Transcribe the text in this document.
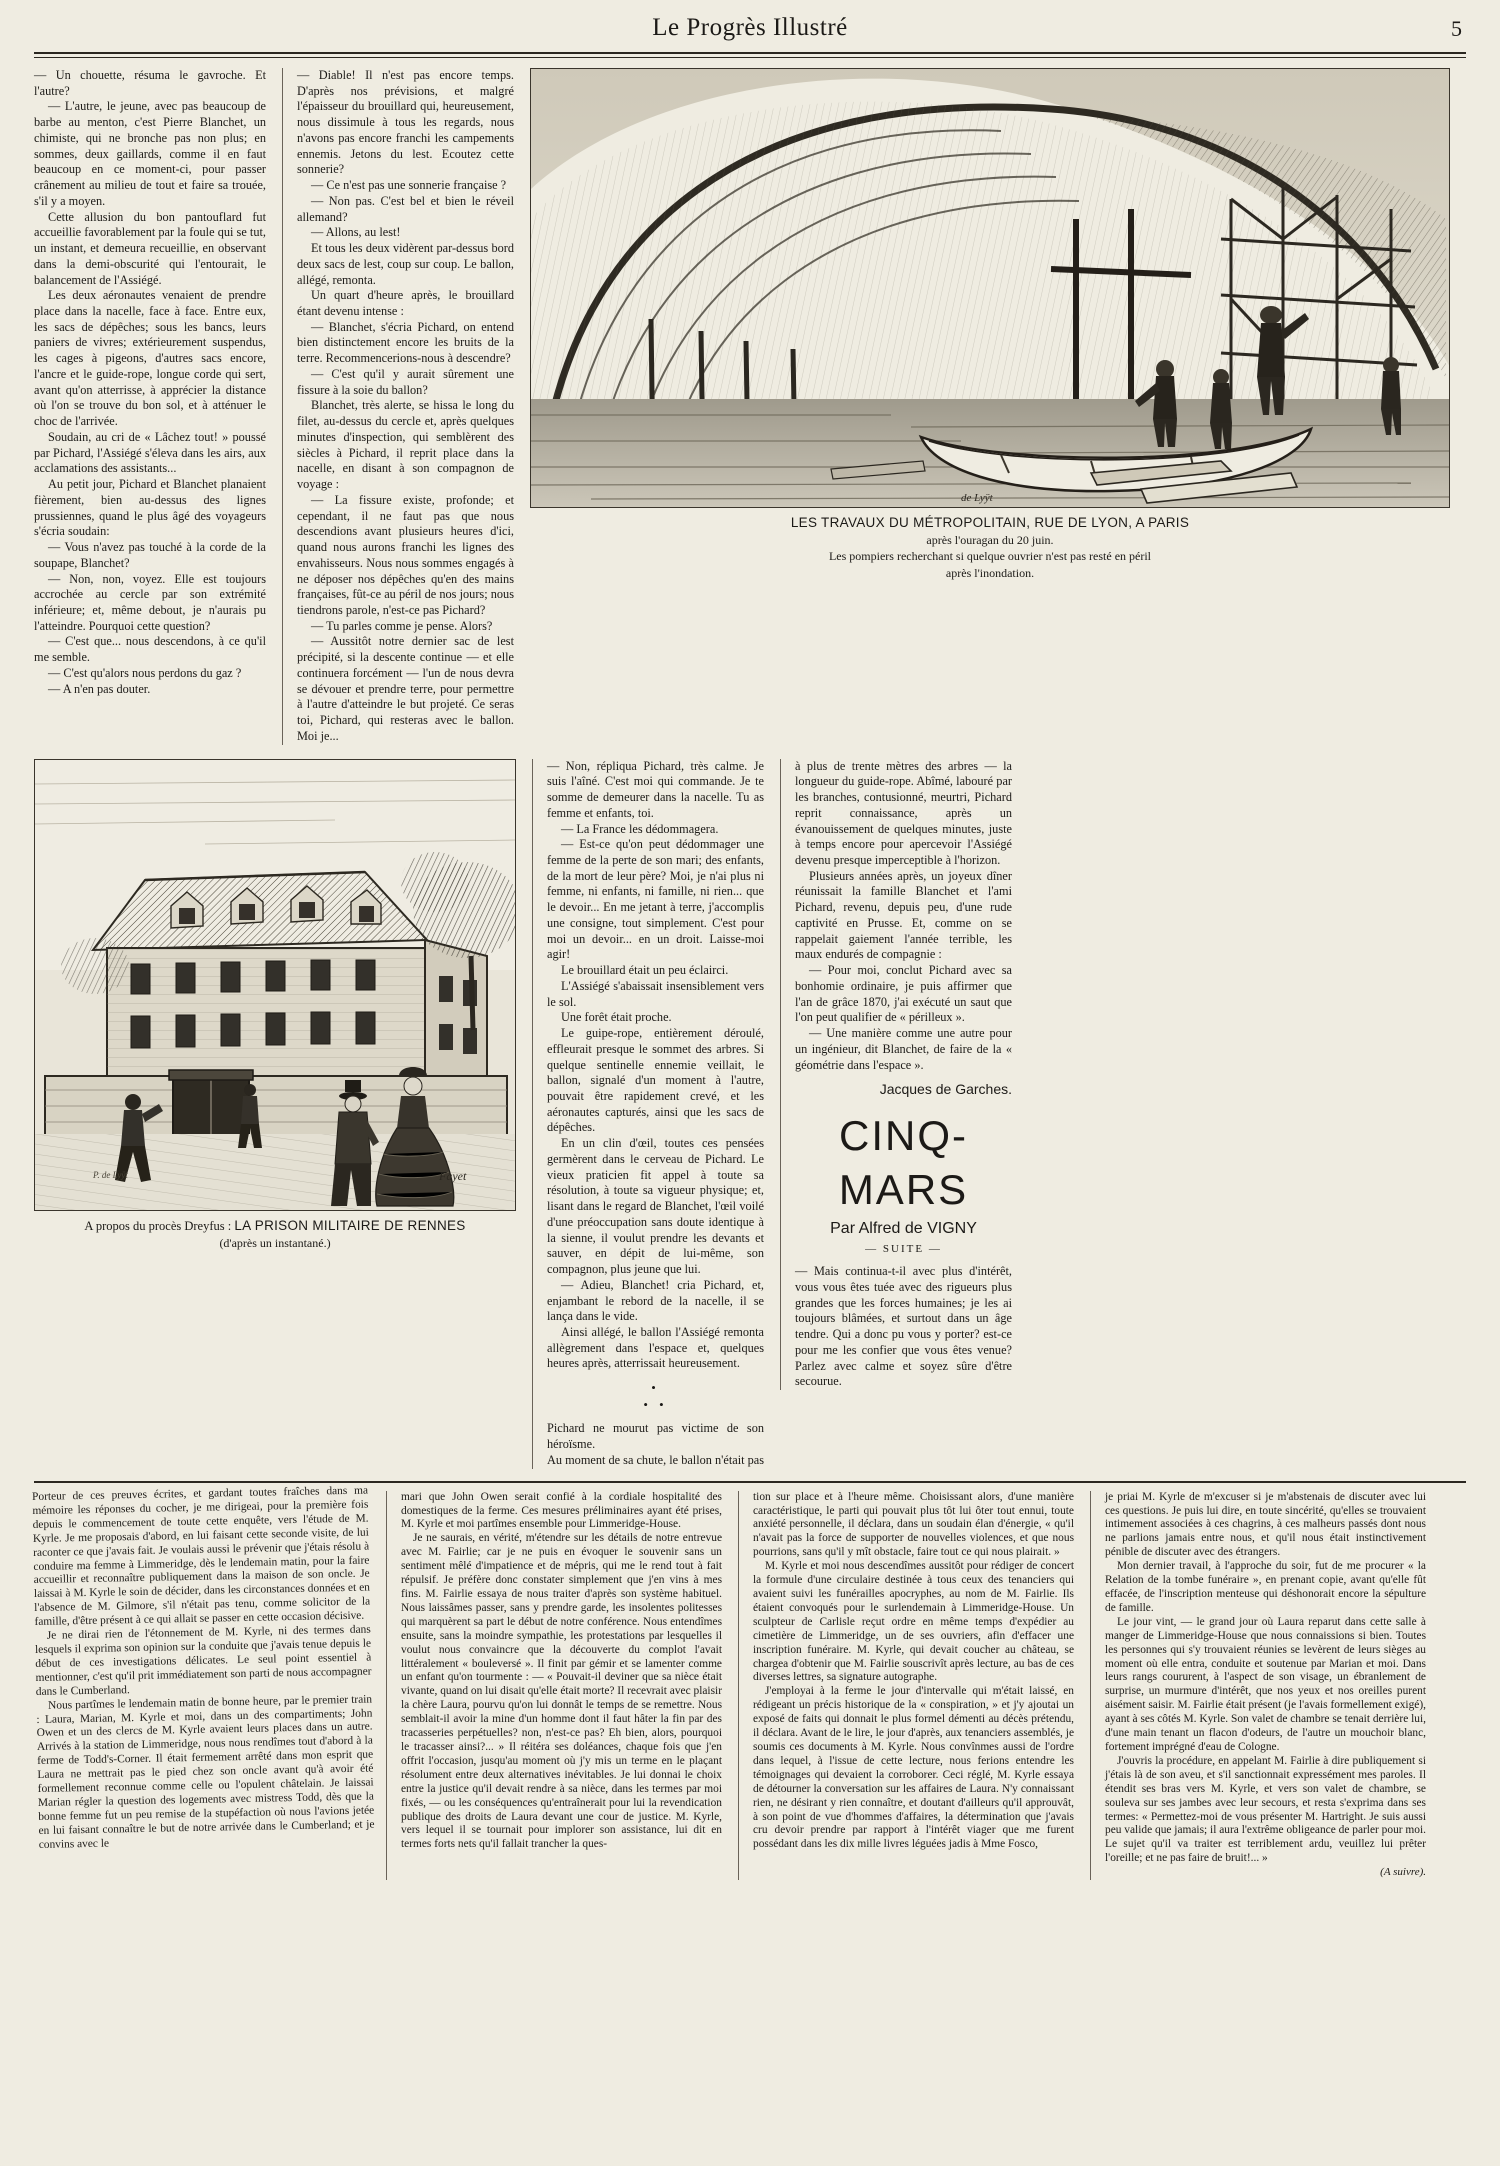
Le Progrès Illustré	5

— Un chouette, résuma le gavroche. Et l'autre?

— L'autre, le jeune, avec pas beaucoup de barbe au menton, c'est Pierre Blanchet, un chimiste, qui ne bronche pas non plus; en sommes, deux gaillards, comme il en faut beaucoup en ce moment-ci, pour passer crânement au milieu de tout et faire sa trouée, s'il y a moyen.

Cette allusion du bon pantouflard fut accueillie favorablement par la foule qui se tut, un instant, et demeura recueillie, en observant dans la demi-obscurité qui l'entourait, le balancement de l'Assiégé.

Les deux aéronautes venaient de prendre place dans la nacelle, face à face. Entre eux, les sacs de dépêches; sous les bancs, leurs paniers de vivres; extérieurement suspendus, les cages à pigeons, d'autres sacs encore, l'ancre et le guide-rope, longue corde qui sert, avant qu'on atterrisse, à apprécier la distance où l'on se trouve du bon sol, et à atténuer le choc de l'arrivée.

Soudain, au cri de « Lâchez tout! » poussé par Pichard, l'Assiégé s'éleva dans les airs, aux acclamations des assistants...

Au petit jour, Pichard et Blanchet planaient fièrement, bien au-dessus des lignes prussiennes, quand le plus âgé des voyageurs s'écria soudain:

— Vous n'avez pas touché à la corde de la soupape, Blanchet?

— Non, non, voyez. Elle est toujours accrochée au cercle par son extrémité inférieure; et, même debout, je n'aurais pu l'atteindre. Pourquoi cette question?

— C'est que... nous descendons, à ce qu'il me semble.

— C'est qu'alors nous perdons du gaz ?

— A n'en pas douter.

— Diable! Il n'est pas encore temps. D'après nos prévisions, et malgré l'épaisseur du brouillard qui, heureusement, nous dissimule à tous les regards, nous n'avons pas encore franchi les campements ennemis. Jetons du lest. Ecoutez cette sonnerie?

— Ce n'est pas une sonnerie française ?

— Non pas. C'est bel et bien le réveil allemand?

— Allons, au lest!

Et tous les deux vidèrent par-dessus bord deux sacs de lest, coup sur coup. Le ballon, allégé, remonta.

Un quart d'heure après, le brouillard étant devenu intense :

— Blanchet, s'écria Pichard, on entend bien distinctement encore les bruits de la terre. Recommencerions-nous à descendre?

— C'est qu'il y aurait sûrement une fissure à la soie du ballon?

Blanchet, très alerte, se hissa le long du filet, au-dessus du cercle et, après quelques minutes d'inspection, qui semblèrent des siècles à Pichard, il reprit place dans la nacelle, en disant à son compagnon de voyage :

— La fissure existe, profonde; et cependant, il ne faut pas que nous descendions avant plusieurs heures d'ici, quand nous aurons franchi les lignes des envahisseurs. Nous nous sommes engagés à ne déposer nos dépêches qu'en des mains françaises, fût-ce au péril de nos jours; nous tiendrons parole, n'est-ce pas Pichard?

— Tu parles comme je pense. Alors?

— Aussitôt notre dernier sac de lest précipité, si la descente continue — et elle continuera forcément — l'un de nous devra se dévouer et prendre terre, pour permettre à l'autre d'atteindre le but projeté. Ce seras toi, Pichard, qui resteras avec le ballon. Moi je...

de Lyÿt
LES TRAVAUX DU MÉTROPOLITAIN, RUE DE LYON, A PARIS
après l'ouragan du 20 juin.
Les pompiers recherchant si quelque ouvrier n'est pas resté en péril
après l'inondation.
P. de Lyÿt	Fayet
A propos du procès Dreyfus : LA PRISON MILITAIRE DE RENNES
(d'après un instantané.)

— Non, répliqua Pichard, très calme. Je suis l'aîné. C'est moi qui commande. Je te somme de demeurer dans la nacelle. Tu as femme et enfants, toi.

— La France les dédommagera.

— Est-ce qu'on peut dédommager une femme de la perte de son mari; des enfants, de la mort de leur père? Moi, je n'ai plus ni femme, ni enfants, ni famille, ni rien... que le devoir... En me jetant à terre, j'accomplis une consigne, tout simplement. C'est pour moi un devoir... en un droit. Laisse-moi agir!

Le brouillard était un peu éclairci.

L'Assiégé s'abaissait insensiblement vers le sol.

Une forêt était proche.

Le guipe-rope, entièrement déroulé, effleurait presque le sommet des arbres. Si quelque sentinelle ennemie veillait, le ballon, signalé d'un moment à l'autre, pouvait être rapidement crevé, et les aéronautes capturés, ainsi que les sacs de dépêches.

En un clin d'œil, toutes ces pensées germèrent dans le cerveau de Pichard. Le vieux praticien fit appel à toute sa résolution, à toute sa vigueur physique; et, lisant dans le regard de Blanchet, l'œil voilé d'une préoccupation sans doute identique à la sienne, il voulut prendre les devants et sauver, en dépit de lui-même, son compagnon, plus jeune que lui.

— Adieu, Blanchet! cria Pichard, et, enjambant le rebord de la nacelle, il se lança dans le vide.

Ainsi allégé, le ballon l'Assiégé remonta allègrement dans l'espace et, quelques heures après, atterrissait heureusement.

•
• •

Pichard ne mourut pas victime de son héroïsme.

Au moment de sa chute, le ballon n'était pas

à plus de trente mètres des arbres — la longueur du guide-rope. Abîmé, labouré par les branches, contusionné, meurtri, Pichard reprit connaissance, après un évanouissement de quelques minutes, juste à temps encore pour apercevoir l'Assiégé devenu presque imperceptible à l'horizon.

Plusieurs années après, un joyeux dîner réunissait la famille Blanchet et l'ami Pichard, revenu, depuis peu, d'une rude captivité en Prusse. Et, comme on se rappelait gaiement l'année terrible, les maux endurés de compagnie :

— Pour moi, conclut Pichard avec sa bonhomie ordinaire, je puis affirmer que l'an de grâce 1870, j'ai exécuté un saut que l'on peut qualifier de « périlleux ».

— Une manière comme une autre pour un ingénieur, dit Blanchet, de faire de la « géométrie dans l'espace ».

Jacques de Garches.
CINQ-MARS
Par Alfred de VIGNY
— SUITE —

— Mais continua-t-il avec plus d'intérêt, vous vous êtes tuée avec des rigueurs plus grandes que les forces humaines; je les ai toujours blâmées, et surtout dans un âge tendre. Qui a donc pu vous y porter? est-ce pour me les confier que vous êtes venue? Parlez avec calme et soyez sûre d'être secourue.

Porteur de ces preuves écrites, et gardant toutes fraîches dans ma mémoire les réponses du cocher, je me dirigeai, pour la première fois depuis le commencement de toute cette enquête, vers l'étude de M. Kyrle. Je me proposais d'abord, en lui faisant cette seconde visite, de lui raconter ce que j'avais fait. Je voulais aussi le prévenir que j'étais résolu à conduire ma femme à Limmeridge, dès le lendemain matin, pour la faire accueillir et reconnaître publiquement dans la maison de son oncle. Je laissai à M. Kyrle le soin de décider, dans les circonstances données et en l'absence de M. Gilmore, s'il n'était pas tenu, comme solicitor de la famille, d'être présent à ce qui allait se passer en cette occasion décisive.

Je ne dirai rien de l'étonnement de M. Kyrle, ni des termes dans lesquels il exprima son opinion sur la conduite que j'avais tenue depuis le début de ces investigations délicates. Le seul point essentiel à mentionner, c'est qu'il prit immédiatement son parti de nous accompagner dans le Cumberland.

Nous partîmes le lendemain matin de bonne heure, par le premier train : Laura, Marian, M. Kyrle et moi, dans un des compartiments; John Owen et un des clercs de M. Kyrle avaient leurs places dans un autre. Arrivés à la station de Limmeridge, nous nous rendîmes tout d'abord à la ferme de Todd's-Corner. Il était fermement arrêté dans mon esprit que Laura ne mettrait pas le pied chez son oncle avant qu'à avoir été formellement reconnue comme celle ou l'opulent châtelain. Je laissai Marian régler la question des logements avec mistress Todd, dès que la bonne femme fut un peu remise de la stupéfaction où nous l'avions jetée en lui faisant connaître le but de notre arrivée dans le Cumberland; et je convins avec le

mari que John Owen serait confié à la cordiale hospitalité des domestiques de la ferme. Ces mesures préliminaires ayant été prises, M. Kyrle et moi partîmes ensemble pour Limmeridge-House.

Je ne saurais, en vérité, m'étendre sur les détails de notre entrevue avec M. Fairlie; car je ne puis en évoquer le souvenir sans un sentiment mêlé d'impatience et de mépris, qui me le rend tout à fait répulsif. Je préfère donc constater simplement que j'en vins à mes fins. M. Fairlie essaya de nous traiter d'après son système habituel. Nous laissâmes passer, sans y prendre garde, les insolentes politesses qui marquèrent sa part le début de notre conférence. Nous entendîmes ensuite, sans la moindre sympathie, les protestations par lesquelles il voulut nous convaincre que la découverte du complot l'avait littéralement « bouleversé ». Il finit par gémir et se lamenter comme un enfant qu'on tourmente : — « Pouvait-il deviner que sa nièce était vivante, quand on lui disait qu'elle était morte? Il recevrait avec plaisir la chère Laura, pourvu qu'on lui donnât le temps de se remettre. Nous semblait-il avoir la mine d'un homme dont il faut hâter la fin par des tracasseries perpétuelles? non, n'est-ce pas? Eh bien, alors, pourquoi le tracasser ainsi?... » Il réitéra ses doléances, chaque fois que j'en offrit l'occasion, jusqu'au moment où j'y mis un terme en le plaçant résolument entre deux alternatives inévitables. Je lui donnai le choix entre la justice qu'il devait rendre à sa nièce, dans les termes par moi fixés, — ou les conséquences qu'entraînerait pour lui la revendication publique des droits de Laura devant une cour de justice. M. Kyrle, vers lequel il se tournait pour implorer son assistance, lui dit en termes forts nets qu'il fallait trancher la ques-

tion sur place et à l'heure même. Choisissant alors, d'une manière caractéristique, le parti qui pouvait plus tôt lui ôter tout ennui, toute anxiété personnelle, il déclara, dans un soudain élan d'énergie, « qu'il n'avait pas la force de supporter de nouvelles violences, et que nous pourrions, sans qu'il y mît obstacle, faire tout ce qui nous plairait. »

M. Kyrle et moi nous descendîmes aussitôt pour rédiger de concert la formule d'une circulaire destinée à tous ceux des tenanciers qui avaient suivi les funérailles apocryphes, au nom de M. Fairlie. Ils étaient convoqués pour le surlendemain à Limmeridge-House. Un sculpteur de Carlisle reçut ordre en même temps d'expédier au cimetière de Limmeridge, un de ses ouvriers, afin d'effacer une inscription funéraire. M. Kyrle, qui devait coucher au château, se chargea d'obtenir que M. Fairlie souscrivît après lecture, au bas de ces diverses lettres, sa signature autographe.

J'employai à la ferme le jour d'intervalle qui m'était laissé, en rédigeant un précis historique de la « conspiration, » et j'y ajoutai un exposé de faits qui donnait le plus formel démenti au décès prétendu, il déclara. Avant de le lire, le jour d'après, aux tenanciers assemblés, je soumis ces documents à M. Kyrle. Nous convînmes aussi de l'ordre dans lequel, à l'issue de cette lecture, nous ferions entendre les témoignages qui devaient la corroborer. Ceci réglé, M. Kyrle essaya de détourner la conversation sur les affaires de Laura. N'y connaissant rien, ne désirant y rien connaître, et doutant d'ailleurs qu'il approuvât, à son point de vue d'hommes d'affaires, la détermination que j'avais cru devoir prendre par rapport à l'intérêt viager que me furent possédant dans les dix mille livres léguées jadis à Mme Fosco,

je priai M. Kyrle de m'excuser si je m'abstenais de discuter avec lui ces questions. Je puis lui dire, en toute sincérité, qu'elles se trouvaient intimement associées à ces chagrins, à ces malheurs passés dont nous ne parlions jamais entre nous, et qu'il nous était instinctivement pénible de discuter avec des étrangers.

Mon dernier travail, à l'approche du soir, fut de me procurer « la Relation de la tombe funéraire », en prenant copie, avant qu'elle fût effacée, de l'inscription menteuse qui déshonorait encore la sépulture de famille.

Le jour vint, — le grand jour où Laura reparut dans cette salle à manger de Limmeridge-House que nous connaissions si bien. Toutes les personnes qui s'y trouvaient réunies se levèrent de leurs sièges au moment où elle entra, conduite et soutenue par Marian et moi. Dans leurs rangs coururent, à l'aspect de son visage, un ébranlement de surprise, un murmure d'intérêt, que nos yeux et nos oreilles purent aisément saisir. M. Fairlie était présent (je l'avais formellement exigé), ayant à ses côtés M. Kyrle. Son valet de chambre se tenait derrière lui, d'une main tenant un flacon d'odeurs, de l'autre un mouchoir blanc, fortement imprégné d'eau de Cologne.

J'ouvris la procédure, en appelant M. Fairlie à dire publiquement si j'étais là de son aveu, et s'il sanctionnait expressément mes paroles. Il étendit ses bras vers M. Kyrle, et vers son valet de chambre, se souleva sur ses jambes avec leur secours, et resta s'exprima dans ses termes: « Permettez-moi de vous présenter M. Hartright. Je suis aussi peu valide que jamais; il aura l'extrême obligeance de parler pour moi. Le sujet qu'il va traiter est terriblement ardu, veuillez lui prêter l'oreille; et ne pas faire de bruit!... »

(A suivre).
